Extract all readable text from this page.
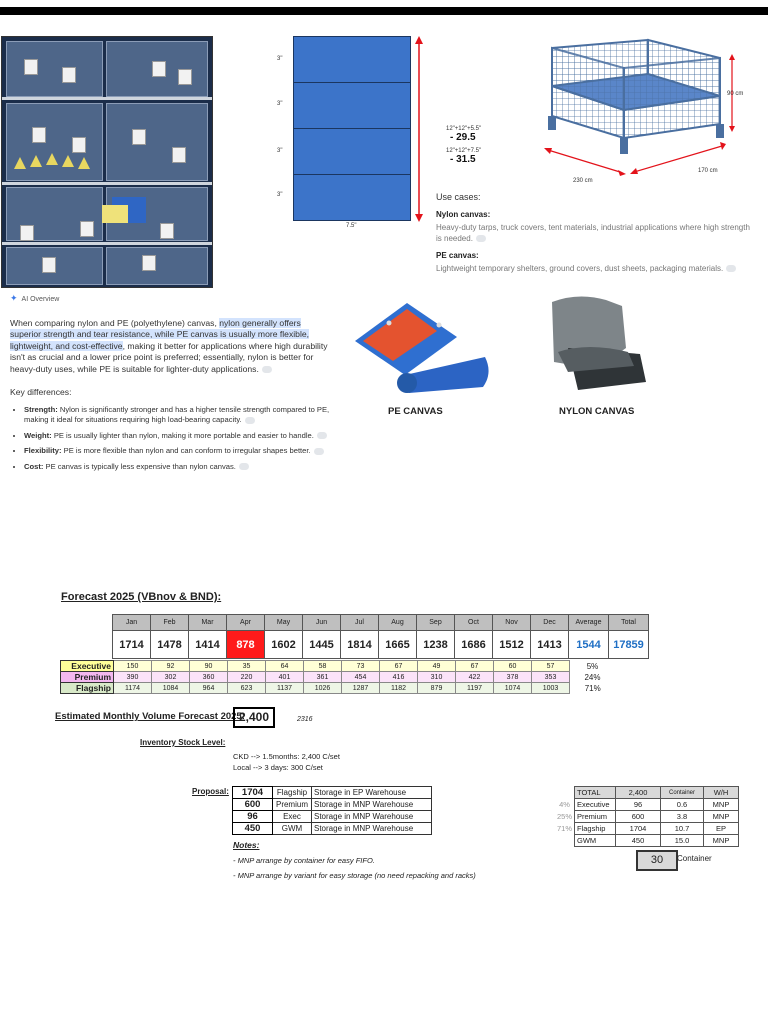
3"
3"
3"
3"
7.5"
12"+12"+5.5"
- 29.5
12"+12"+7.5"
- 31.5
90 cm
230 cm
170 cm
Use cases:
Nylon canvas:

Heavy-duty tarps, truck covers, tent materials, industrial applications where high strength is needed.

PE canvas:

Lightweight temporary shelters, ground covers, dust sheets, packaging materials.

✦ AI Overview
When comparing nylon and PE (polyethylene) canvas, nylon generally offers superior strength and tear resistance, while PE canvas is usually more flexible, lightweight, and cost-effective, making it better for applications where high durability isn't as crucial and a lower price point is preferred; essentially, nylon is better for heavy-duty uses, while PE is suitable for lighter-duty applications.
Key differences:
• Strength: Nylon is significantly stronger and has a higher tensile strength compared to PE, making it ideal for situations requiring high load-bearing capacity.
• Weight: PE is usually lighter than nylon, making it more portable and easier to handle.
• Flexibility: PE is more flexible than nylon and can conform to irregular shapes better.
• Cost: PE canvas is typically less expensive than nylon canvas.
PE CANVAS	NYLON CANVAS
Forecast 2025 (VBnov & BND):
Jan	Feb	Mar	Apr	May	Jun	Jul	Aug	Sep	Oct	Nov	Dec	Average	Total
1714	1478	1414	878	1602	1445	1814	1665	1238	1686	1512	1413	1544	17859
Executive	150	92	90	35	64	58	73	67	49	67	60	57	5%
Premium	390	302	360	220	401	361	454	416	310	422	378	353	24%
Flagship	1174	1084	964	623	1137	1026	1287	1182	879	1197	1074	1003	71%
Estimated Monthly Volume Forecast 2025:
2,400	2316
Inventory Stock Level:
CKD --> 1.5months: 2,400 C/set
Local --> 3 days: 300 C/set
Proposal: 1704	Flagship	Storage in EP Warehouse
600	Premium	Storage in MNP Warehouse
96	Exec	Storage in MNP Warehouse
450	GWM	Storage in MNP Warehouse
Notes:
- MNP arrange by container for easy FIFO.
- MNP arrange by variant for easy storage (no need repacking and racks)
	TOTAL	2,400	Container	W/H
4%	Executive	96	0.6	MNP
25%	Premium	600	3.8	MNP
71%	Flagship	1704	10.7	EP
	GWM	450	15.0	MNP
30	Container
